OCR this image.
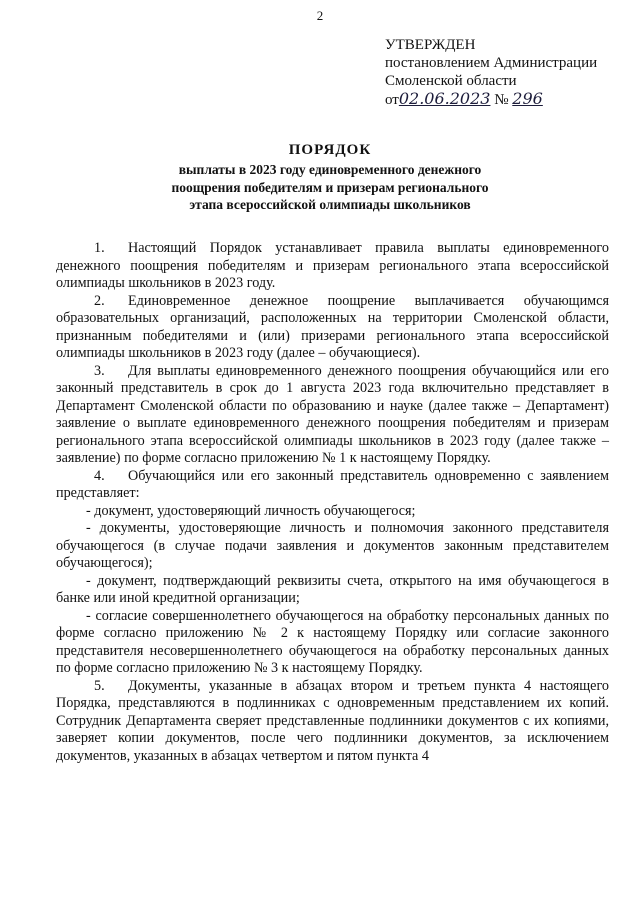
2
УТВЕРЖДЕН
постановлением Администрации
Смоленской области
от02.06.2023 № 296
ПОРЯДОК
выплаты в 2023 году единовременного денежного поощрения победителям и призерам регионального этапа всероссийской олимпиады школьников

1. Настоящий Порядок устанавливает правила выплаты единовременного денежного поощрения победителям и призерам регионального этапа всероссийской олимпиады школьников в 2023 году.

2. Единовременное денежное поощрение выплачивается обучающимся образовательных организаций, расположенных на территории Смоленской области, признанным победителями и (или) призерами регионального этапа всероссийской олимпиады школьников в 2023 году (далее – обучающиеся).

3. Для выплаты единовременного денежного поощрения обучающийся или его законный представитель в срок до 1 августа 2023 года включительно представляет в Департамент Смоленской области по образованию и науке (далее также – Департамент) заявление о выплате единовременного денежного поощрения победителям и призерам регионального этапа всероссийской олимпиады школьников в 2023 году (далее также – заявление) по форме согласно приложению № 1 к настоящему Порядку.

4. Обучающийся или его законный представитель одновременно с заявлением представляет:

- документ, удостоверяющий личность обучающегося;

- документы, удостоверяющие личность и полномочия законного представителя обучающегося (в случае подачи заявления и документов законным представителем обучающегося);

- документ, подтверждающий реквизиты счета, открытого на имя обучающегося в банке или иной кредитной организации;

- согласие совершеннолетнего обучающегося на обработку персональных данных по форме согласно приложению № 2 к настоящему Порядку или согласие законного представителя несовершеннолетнего обучающегося на обработку персональных данных по форме согласно приложению № 3 к настоящему Порядку.

5. Документы, указанные в абзацах втором и третьем пункта 4 настоящего Порядка, представляются в подлинниках с одновременным представлением их копий. Сотрудник Департамента сверяет представленные подлинники документов с их копиями, заверяет копии документов, после чего подлинники документов, за исключением документов, указанных в абзацах четвертом и пятом пункта 4
